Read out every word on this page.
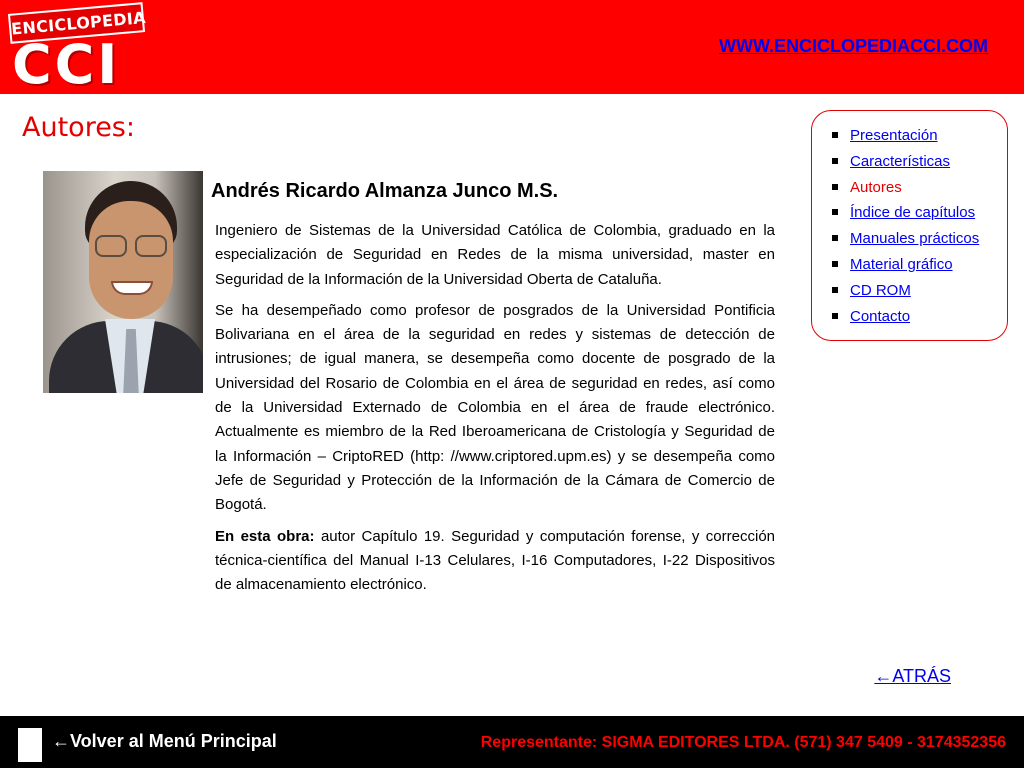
ENCICLOPEDIA
CCI	WWW.ENCICLOPEDIACCI.COM
Autores:
Andrés Ricardo Almanza Junco M.S.

Ingeniero de Sistemas de la Universidad Católica de Colombia, graduado en la especialización de Seguridad en Redes de la misma universidad, master en Seguridad de la Información de la Universidad Oberta de Cataluña.

Se ha desempeñado como profesor de posgrados de la Universidad Pontificia Bolivariana en el área de la seguridad en redes y sistemas de detección de intrusiones; de igual manera, se desempeña como docente de posgrado de la Universidad del Rosario de Colombia en el área de seguridad en redes, así como de la Universidad Externado de Colombia en el área de fraude electrónico. Actualmente es miembro de la Red Iberoamericana de Cristología y Seguridad de la Información – CriptoRED (http: //www.criptored.upm.es) y se desempeña como Jefe de Seguridad y Protección de la Información de la Cámara de Comercio de Bogotá.

En esta obra: autor Capítulo 19. Seguridad y computación forense, y corrección técnica-científica del Manual I-13 Celulares, I-16 Computadores, I-22 Dispositivos de almacenamiento electrónico.

Presentación
Características
Autores
Índice de capítulos
Manuales prácticos
Material gráfico
CD ROM
Contacto
←ATRÁS
←Volver al Menú Principal	Representante: SIGMA EDITORES LTDA. (571) 347 5409 - 3174352356
